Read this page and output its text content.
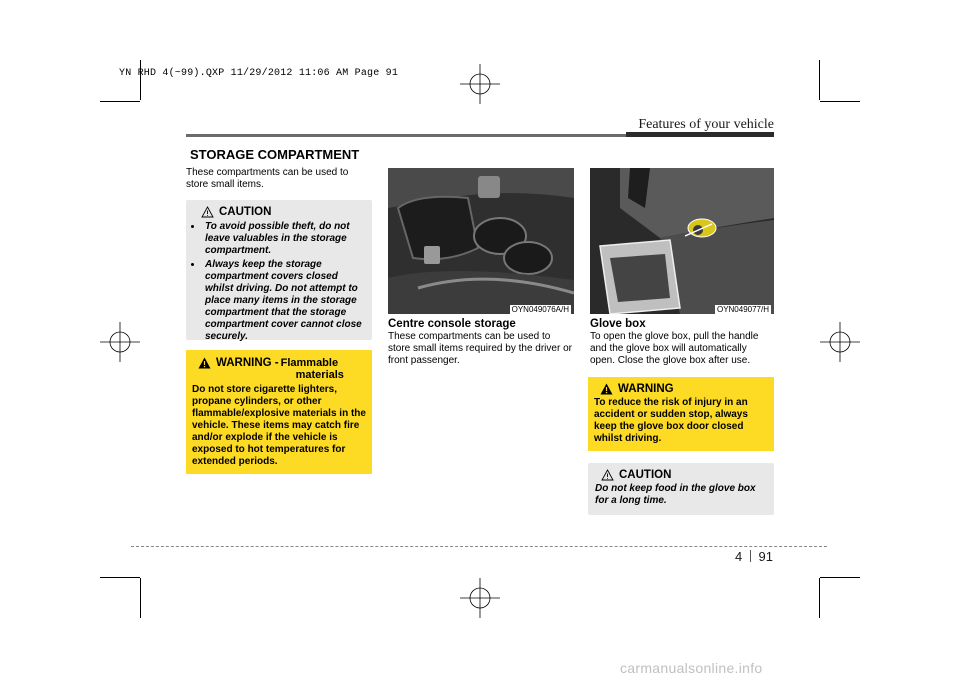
YN RHD 4(~99).QXP 11/29/2012 11:06 AM Page 91
Features of your vehicle
STORAGE COMPARTMENT
These compartments can be used to store small items.
CAUTION
• To avoid possible theft, do not leave valuables in the storage compartment.
• Always keep the storage compartment covers closed whilst driving. Do not attempt to place many items in the storage compartment that the storage compartment cover cannot close securely.
WARNING - Flammable
materials
Do not store cigarette lighters, propane cylinders, or other flammable/explosive materials in the vehicle. These items may catch fire and/or explode if the vehicle is exposed to hot temperatures for extended periods.
OYN049076A/H
Centre console storage
These compartments can be used to store small items required by the driver or front passenger.
OYN049077/H
Glove box
To open the glove box, pull the handle and the glove box will automatically open. Close the glove box after use.
WARNING
To reduce the risk of injury in an accident or sudden stop, always keep the glove box door closed whilst driving.
CAUTION
Do not keep food in the glove box for a long time.
4 91
carmanualsonline.info
